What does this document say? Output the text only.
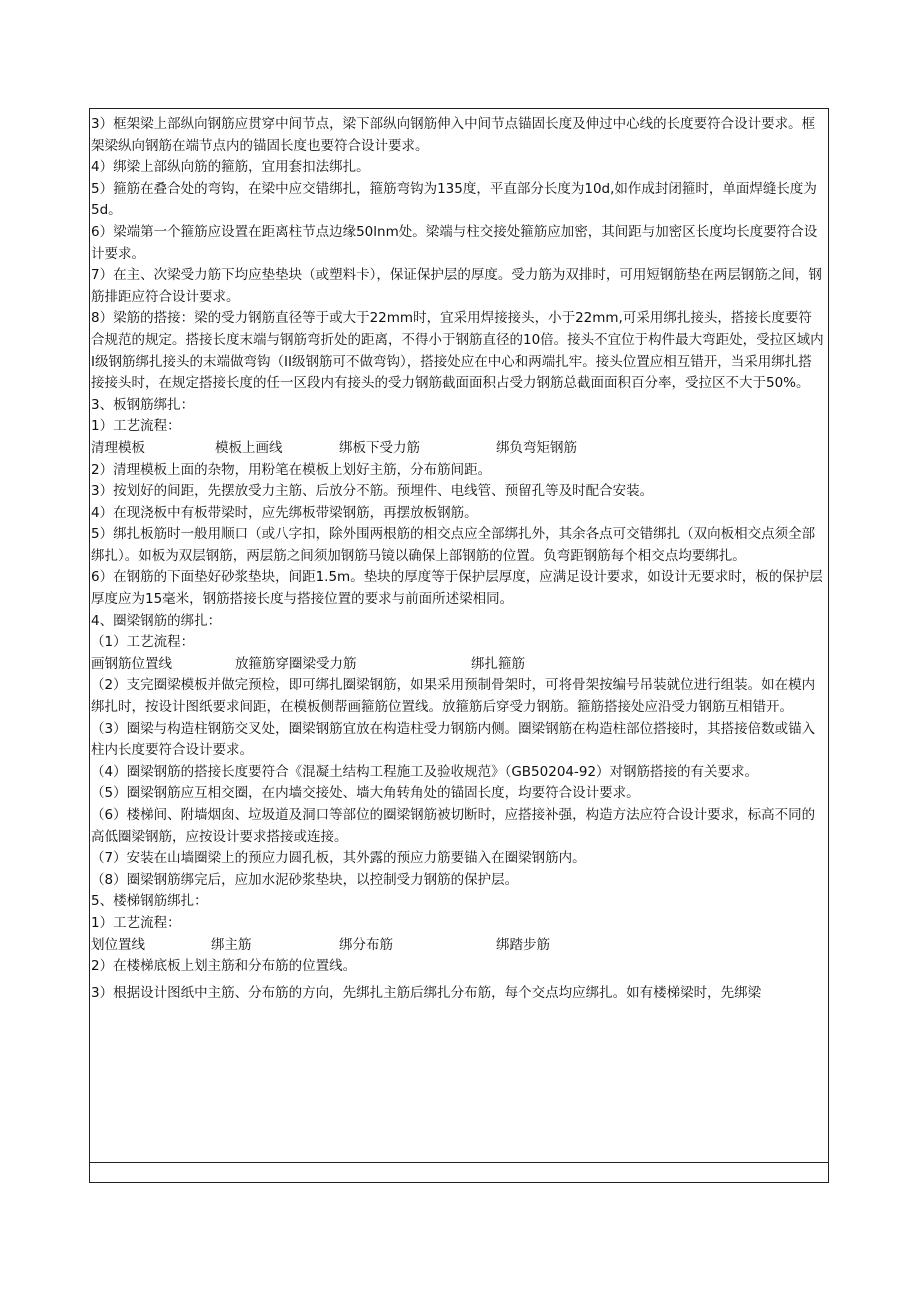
3）框架梁上部纵向钢筋应贯穿中间节点，梁下部纵向钢筋伸入中间节点锚固长度及伸过中心线的长度要符合设计要求。框架梁纵向钢筋在端节点内的锚固长度也要符合设计要求。

4）绑梁上部纵向筋的箍筋，宜用套扣法绑扎。

5）箍筋在叠合处的弯钩，在梁中应交错绑扎，箍筋弯钩为135度，平直部分长度为10d,如作成封闭箍时，单面焊缝长度为5d。

6）梁端第一个箍筋应设置在距离柱节点边缘50lnm处。梁端与柱交接处箍筋应加密，其间距与加密区长度均长度要符合设计要求。

7）在主、次梁受力筋下均应垫垫块（或塑料卡），保证保护层的厚度。受力筋为双排时，可用短钢筋垫在两层钢筋之间，钢筋排距应符合设计要求。

8）梁筋的搭接：梁的受力钢筋直径等于或大于22mm时，宜采用焊接接头，小于22mm,可采用绑扎接头，搭接长度要符合规范的规定。搭接长度末端与钢筋弯折处的距离，不得小于钢筋直径的10倍。接头不宜位于构件最大弯距处，受拉区域内I级钢筋绑扎接头的末端做弯钩（II级钢筋可不做弯钩），搭接处应在中心和两端扎牢。接头位置应相互错开，当采用绑扎搭接接头时，在规定搭接长度的任一区段内有接头的受力钢筋截面面积占受力钢筋总截面面积百分率，受拉区不大于50%。

3、板钢筋绑扎：

1）工艺流程：

清理模板	模板上画线	绑板下受力筋	绑负弯矩钢筋

2）清理模板上面的杂物，用粉笔在模板上划好主筋，分布筋间距。

3）按划好的间距，先摆放受力主筋、后放分不筋。预埋件、电线管、预留孔等及时配合安装。

4）在现浇板中有板带梁时，应先绑板带梁钢筋，再摆放板钢筋。

5）绑扎板筋时一般用顺口（或八字扣，除外围两根筋的相交点应全部绑扎外，其余各点可交错绑扎（双向板相交点须全部绑扎）。如板为双层钢筋，两层筋之间须加钢筋马镜以确保上部钢筋的位置。负弯距钢筋每个相交点均要绑扎。

6）在钢筋的下面垫好砂浆垫块，间距1.5m。垫块的厚度等于保护层厚度，应满足设计要求，如设计无要求时，板的保护层厚度应为15毫米，钢筋搭接长度与搭接位置的要求与前面所述梁相同。

4、圈梁钢筋的绑扎：

（1）工艺流程：

画钢筋位置线	放箍筋穿圈梁受力筋	绑扎箍筋

（2）支完圈梁模板并做完预检，即可绑扎圈梁钢筋，如果采用预制骨架时，可将骨架按编号吊装就位进行组装。如在模内绑扎时，按设计图纸要求间距，在模板侧帮画箍筋位置线。放箍筋后穿受力钢筋。箍筋搭接处应沿受力钢筋互相错开。

（3）圈梁与构造柱钢筋交叉处，圈梁钢筋宜放在构造柱受力钢筋内侧。圈梁钢筋在构造柱部位搭接时，其搭接倍数或锚入柱内长度要符合设计要求。

（4）圈梁钢筋的搭接长度要符合《混凝土结构工程施工及验收规范》（GB50204-92）对钢筋搭接的有关要求。

（5）圈梁钢筋应互相交圈，在内墙交接处、墙大角转角处的锚固长度，均要符合设计要求。

（6）楼梯间、附墙烟囱、垃圾道及洞口等部位的圈梁钢筋被切断时，应搭接补强，构造方法应符合设计要求，标高不同的高低圈梁钢筋，应按设计要求搭接或连接。

（7）安装在山墙圈梁上的预应力圆孔板，其外露的预应力筋要锚入在圈梁钢筋内。

（8）圈梁钢筋绑完后，应加水泥砂浆垫块，以控制受力钢筋的保护层。

5、楼梯钢筋绑扎：

1）工艺流程：

划位置线	绑主筋	绑分布筋	绑踏步筋

2）在楼梯底板上划主筋和分布筋的位置线。

3）根据设计图纸中主筋、分布筋的方向，先绑扎主筋后绑扎分布筋，每个交点均应绑扎。如有楼梯梁时，先绑梁
